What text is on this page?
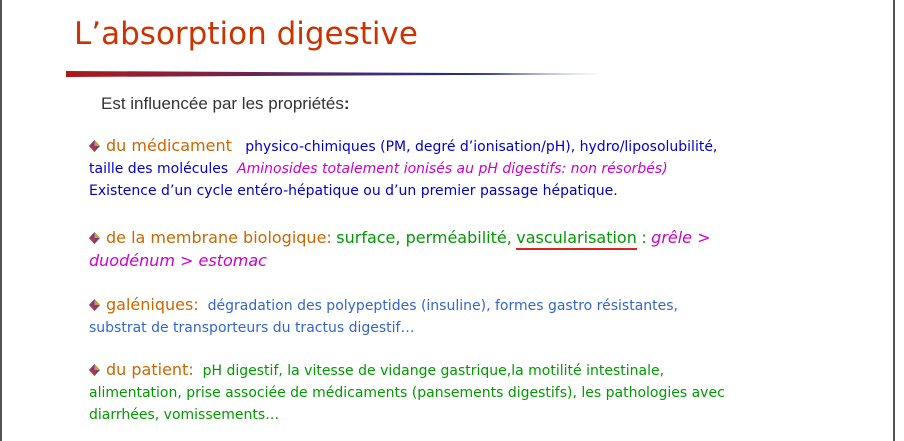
L’absorption digestive
Est influencée par les propriétés:
du médicament physico-chimiques (PM, degré d’ionisation/pH), hydro/liposolubilité,
taille des molécules Aminosides totalement ionisés au pH digestifs: non résorbés)
Existence d’un cycle entéro-hépatique ou d’un premier passage hépatique.
de la membrane biologique: surface, perméabilité, vascularisation : grêle >
duodénum > estomac
galéniques: dégradation des polypeptides (insuline), formes gastro résistantes,
substrat de transporteurs du tractus digestif…
du patient: pH digestif, la vitesse de vidange gastrique,la motilité intestinale,
alimentation, prise associée de médicaments (pansements digestifs), les pathologies avec
diarrhées, vomissements…
